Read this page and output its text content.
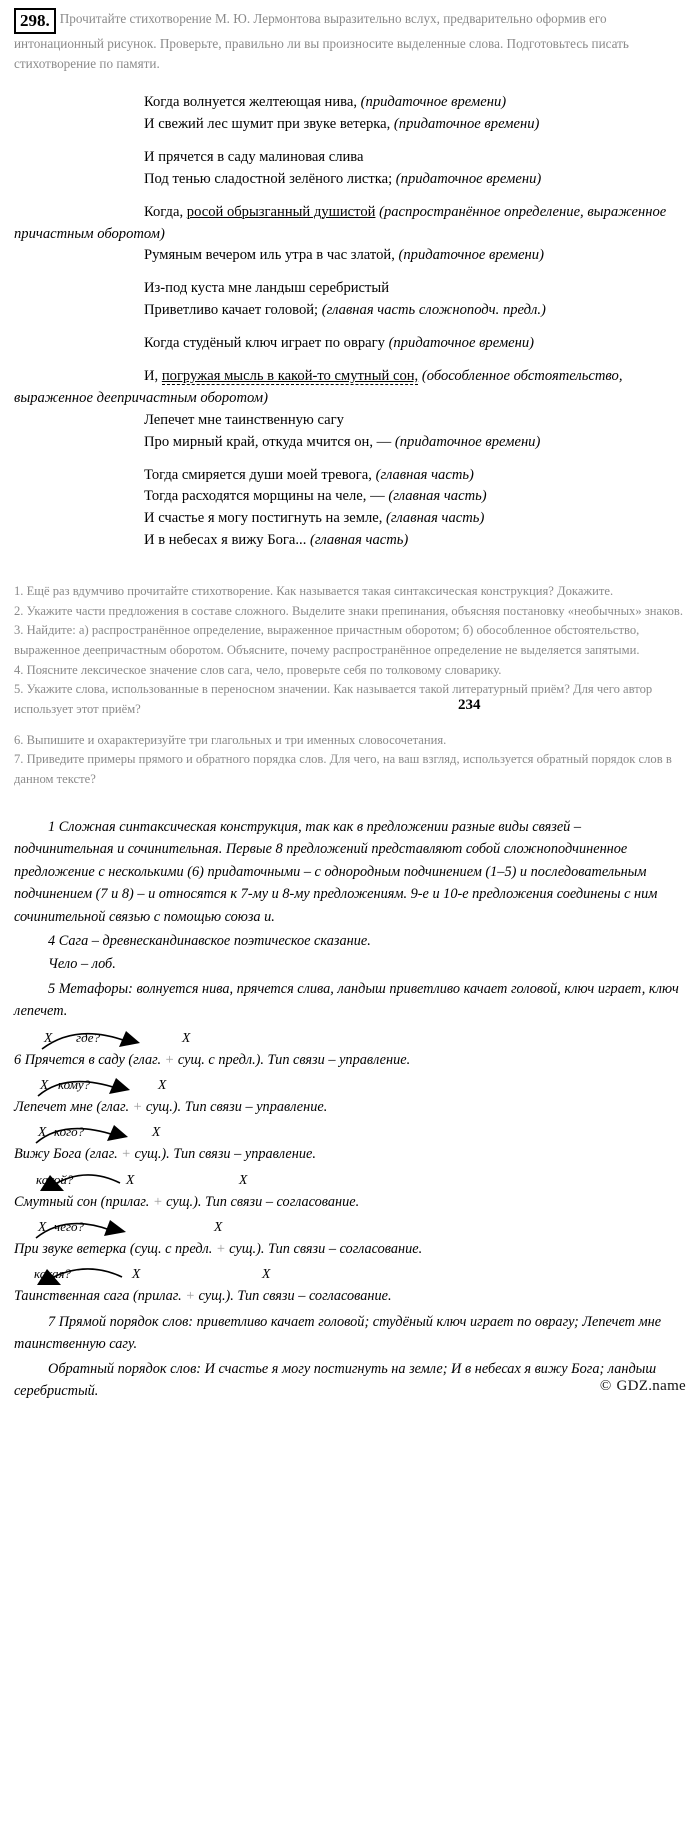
298. Прочитайте стихотворение М. Ю. Лермонтова выразительно вслух, предварительно оформив его интонационный рисунок. Проверьте, правильно ли вы произносите выделенные слова. Подготовьтесь писать стихотворение по памяти.

Когда волнуется желтеющая нива, (придаточное времени)

И свежий лес шумит при звуке ветерка, (придаточное времени)

И прячется в саду малиновая слива

Под тенью сладостной зелёного листка; (придаточное времени)

Когда, росой обрызганный душистой (распространённое определение, выраженное причастным оборотом)

Румяным вечером иль утра в час златой, (придаточное времени)

Из-под куста мне ландыш серебристый

Приветливо качает головой; (главная часть сложноподч. предл.)

Когда студёный ключ играет по оврагу (придаточное времени)

И, погружая мысль в какой-то смутный сон, (обособленное обстоятельство, выраженное деепричастным оборотом)

Лепечет мне таинственную сагу

Про мирный край, откуда мчится он, — (придаточное времени)

Тогда смиряется души моей тревога, (главная часть)

Тогда расходятся морщины на челе, — (главная часть)

И счастье я могу постигнуть на земле, (главная часть)

И в небесах я вижу Бога... (главная часть)

234

1. Ещё раз вдумчиво прочитайте стихотворение. Как называется такая синтаксическая конструкция? Докажите.

2. Укажите части предложения в составе сложного. Выделите знаки препинания, объясняя постановку «необычных» знаков.

3. Найдите: а) распространённое определение, выраженное причастным оборотом; б) обособленное обстоятельство, выраженное деепричастным оборотом. Объясните, почему распространённое определение не выделяется запятыми.

4. Поясните лексическое значение слов сага, чело, проверьте себя по толковому словарику.

5. Укажите слова, использованные в переносном значении. Как называется такой литературный приём? Для чего автор использует этот приём?

6. Выпишите и охарактеризуйте три глагольных и три именных словосочетания.

7. Приведите примеры прямого и обратного порядка слов. Для чего, на ваш взгляд, используется обратный порядок слов в данном тексте?

1 Сложная синтаксическая конструкция, так как в предложении разные виды связей – подчинительная и сочинительная. Первые 8 предложений представляют собой сложноподчиненное предложение с несколькими (6) придаточными – с однородным подчинением (1–5) и последовательным подчинением (7 и 8) – и относятся к 7-му и 8-му предложениям. 9-е и 10-е предложения соединены с ним сочинительной связью с помощью союза и.

4 Сага – древнескандинавское поэтическое сказание.

Чело – лоб.

5 Метафоры: волнуется нива, прячется слива, ландыш приветливо качает головой, ключ играет, ключ лепечет.

X где?	X
6 Прячется в саду (глаг. + сущ. с предл.). Тип связи – управление.
X кому?	X
Лепечет мне (глаг. + сущ.). Тип связи – управление.
X кого?	X
Вижу Бога (глаг. + сущ.). Тип связи – управление.
какой?	X	X
Смутный сон (прилаг. + сущ.). Тип связи – согласование.
X чего?	X
При звуке ветерка (сущ. с предл. + сущ.). Тип связи – согласование.
какая?	X	X
Таинственная сага (прилаг. + сущ.). Тип связи – согласование.

7 Прямой порядок слов: приветливо качает головой; студёный ключ играет по оврагу; Лепечет мне таинственную сагу.

Обратный порядок слов: И счастье я могу постигнуть на земле; И в небесах я вижу Бога; ландыш серебристый.	© GDZ.name
